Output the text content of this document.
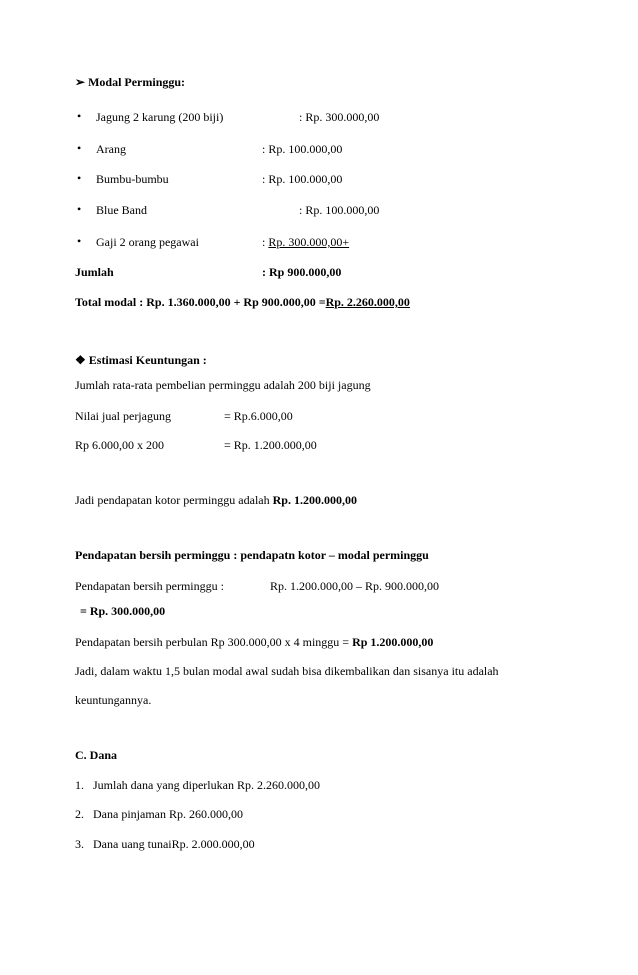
➢ Modal Perminggu:
• Jagung 2 karung (200 biji)	: Rp. 300.000,00
• Arang	: Rp. 100.000,00
• Bumbu-bumbu	: Rp. 100.000,00
• Blue Band	: Rp. 100.000,00
• Gaji 2 orang pegawai	: Rp. 300.000,00+
Jumlah	: Rp 900.000,00
Total modal : Rp. 1.360.000,00 + Rp 900.000,00 =Rp. 2.260.000,00
❖ Estimasi Keuntungan :
Jumlah rata-rata pembelian perminggu adalah 200 biji jagung
Nilai jual perjagung	= Rp.6.000,00
Rp 6.000,00 x 200	= Rp. 1.200.000,00
Jadi pendapatan kotor perminggu adalah Rp. 1.200.000,00
Pendapatan bersih perminggu : pendapatn kotor – modal perminggu
Pendapatan bersih perminggu :	Rp. 1.200.000,00 – Rp. 900.000,00
= Rp. 300.000,00
Pendapatan bersih perbulan Rp 300.000,00 x 4 minggu = Rp 1.200.000,00
Jadi, dalam waktu 1,5 bulan modal awal sudah bisa dikembalikan dan sisanya itu adalah
keuntungannya.
C. Dana
1. Jumlah dana yang diperlukan Rp. 2.260.000,00
2. Dana pinjaman Rp. 260.000,00
3. Dana uang tunaiRp. 2.000.000,00
